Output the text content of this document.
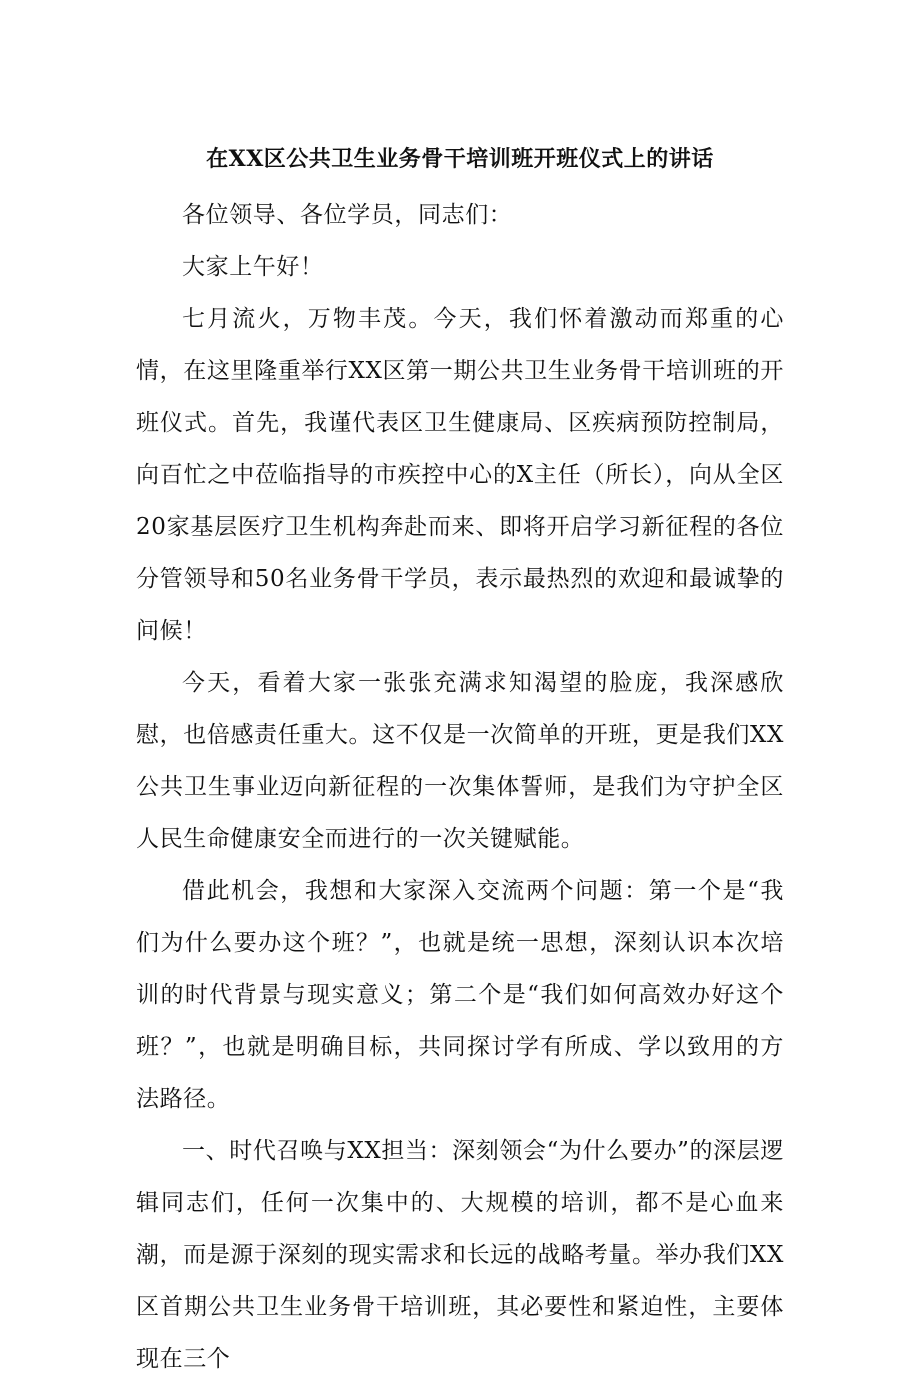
在XX区公共卫生业务骨干培训班开班仪式上的讲话

各位领导、各位学员，同志们：

大家上午好！

七月流火，万物丰茂。今天，我们怀着激动而郑重的心情，在这里隆重举行XX区第一期公共卫生业务骨干培训班的开班仪式。首先，我谨代表区卫生健康局、区疾病预防控制局，向百忙之中莅临指导的市疾控中心的X主任（所长），向从全区20家基层医疗卫生机构奔赴而来、即将开启学习新征程的各位分管领导和50名业务骨干学员，表示最热烈的欢迎和最诚挚的问候！

今天，看着大家一张张充满求知渴望的脸庞，我深感欣慰，也倍感责任重大。这不仅是一次简单的开班，更是我们XX公共卫生事业迈向新征程的一次集体誓师，是我们为守护全区人民生命健康安全而进行的一次关键赋能。

借此机会，我想和大家深入交流两个问题：第一个是“我们为什么要办这个班？”，也就是统一思想，深刻认识本次培训的时代背景与现实意义；第二个是“我们如何高效办好这个班？”，也就是明确目标，共同探讨学有所成、学以致用的方法路径。

一、时代召唤与XX担当：深刻领会“为什么要办”的深层逻辑同志们，任何一次集中的、大规模的培训，都不是心血来潮，而是源于深刻的现实需求和长远的战略考量。举办我们XX区首期公共卫生业务骨干培训班，其必要性和紧迫性，主要体现在三个
